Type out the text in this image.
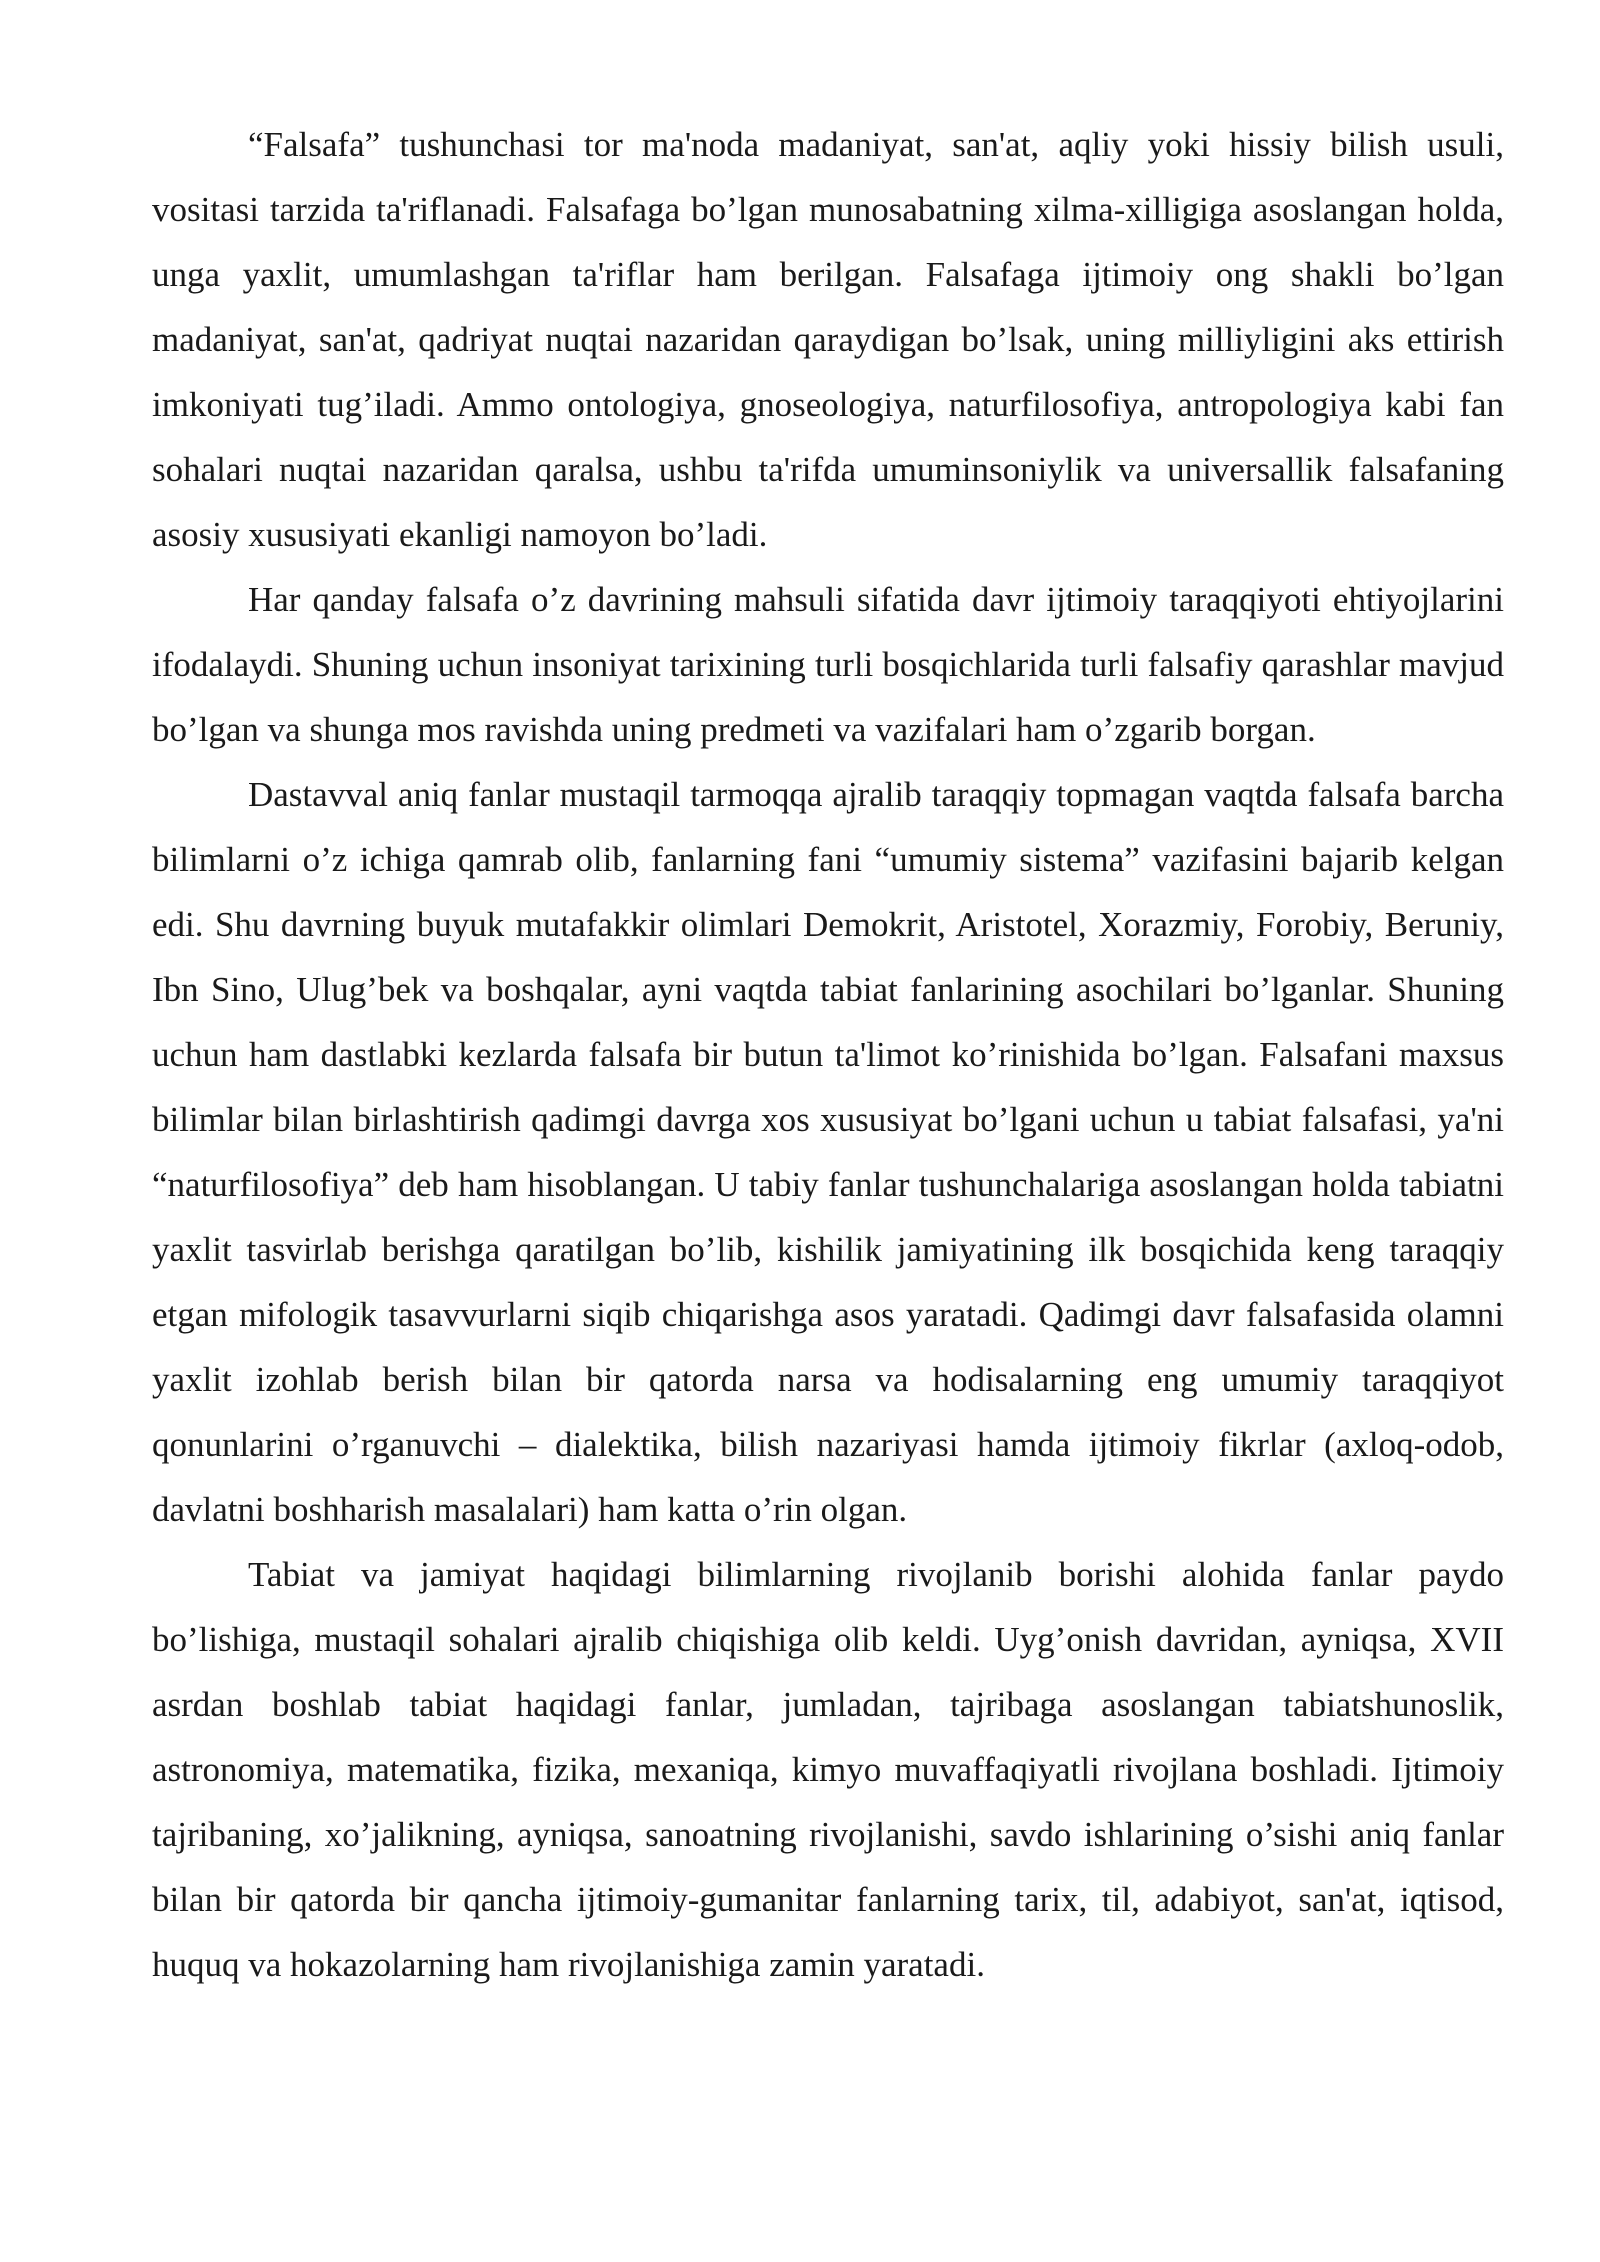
“Falsafa” tushunchasi tor ma'noda madaniyat, san'at, aqliy yoki hissiy bilish usuli, vositasi tarzida ta'riflanadi. Falsafaga bo’lgan munosabatning xilma-xilligiga asoslangan holda, unga yaxlit, umumlashgan ta'riflar ham berilgan. Falsafaga ijtimoiy ong shakli bo’lgan madaniyat, san'at, qadriyat nuqtai nazaridan qaraydigan bo’lsak, uning milliyligini aks ettirish imkoniyati tug’iladi. Ammo ontologiya, gnoseologiya, naturfilosofiya, antropologiya kabi fan sohalari nuqtai nazaridan qaralsa, ushbu ta'rifda umuminsoniylik va universallik falsafaning asosiy xususiyati ekanligi namoyon bo’ladi.

Har qanday falsafa o’z davrining mahsuli sifatida davr ijtimoiy taraqqiyoti ehtiyojlarini ifodalaydi. Shuning uchun insoniyat tarixining turli bosqichlarida turli falsafiy qarashlar mavjud bo’lgan va shunga mos ravishda uning predmeti va vazifalari ham o’zgarib borgan.

Dastavval aniq fanlar mustaqil tarmoqqa ajralib taraqqiy topmagan vaqtda falsafa barcha bilimlarni o’z ichiga qamrab olib, fanlarning fani “umumiy sistema” vazifasini bajarib kelgan edi. Shu davrning buyuk mutafakkir olimlari Demokrit, Aristotel, Xorazmiy, Forobiy, Beruniy, Ibn Sino, Ulug’bek va boshqalar, ayni vaqtda tabiat fanlarining asochilari bo’lganlar. Shuning uchun ham dastlabki kezlarda falsafa bir butun ta'limot ko’rinishida bo’lgan. Falsafani maxsus bilimlar bilan birlashtirish qadimgi davrga xos xususiyat bo’lgani uchun u tabiat falsafasi, ya'ni “naturfilosofiya” deb ham hisoblangan. U tabiy fanlar tushunchalariga asoslangan holda tabiatni yaxlit tasvirlab berishga qaratilgan bo’lib, kishilik jamiyatining ilk bosqichida keng taraqqiy etgan mifologik tasavvurlarni siqib chiqarishga asos yaratadi. Qadimgi davr falsafasida olamni yaxlit izohlab berish bilan bir qatorda narsa va hodisalarning eng umumiy taraqqiyot qonunlarini o’rganuvchi – dialektika, bilish nazariyasi hamda ijtimoiy fikrlar (axloq-odob, davlatni boshharish masalalari) ham katta o’rin olgan.

Tabiat va jamiyat haqidagi bilimlarning rivojlanib borishi alohida fanlar paydo bo’lishiga, mustaqil sohalari ajralib chiqishiga olib keldi. Uyg’onish davridan, ayniqsa, XVII asrdan boshlab tabiat haqidagi fanlar, jumladan, tajribaga asoslangan tabiatshunoslik, astronomiya, matematika, fizika, mexaniqa, kimyo muvaffaqiyatli rivojlana boshladi. Ijtimoiy tajribaning, xo’jalikning, ayniqsa, sanoatning rivojlanishi, savdo ishlarining o’sishi aniq fanlar bilan bir qatorda bir qancha ijtimoiy-gumanitar fanlarning tarix, til, adabiyot, san'at, iqtisod, huquq va hokazolarning ham rivojlanishiga zamin yaratadi.
